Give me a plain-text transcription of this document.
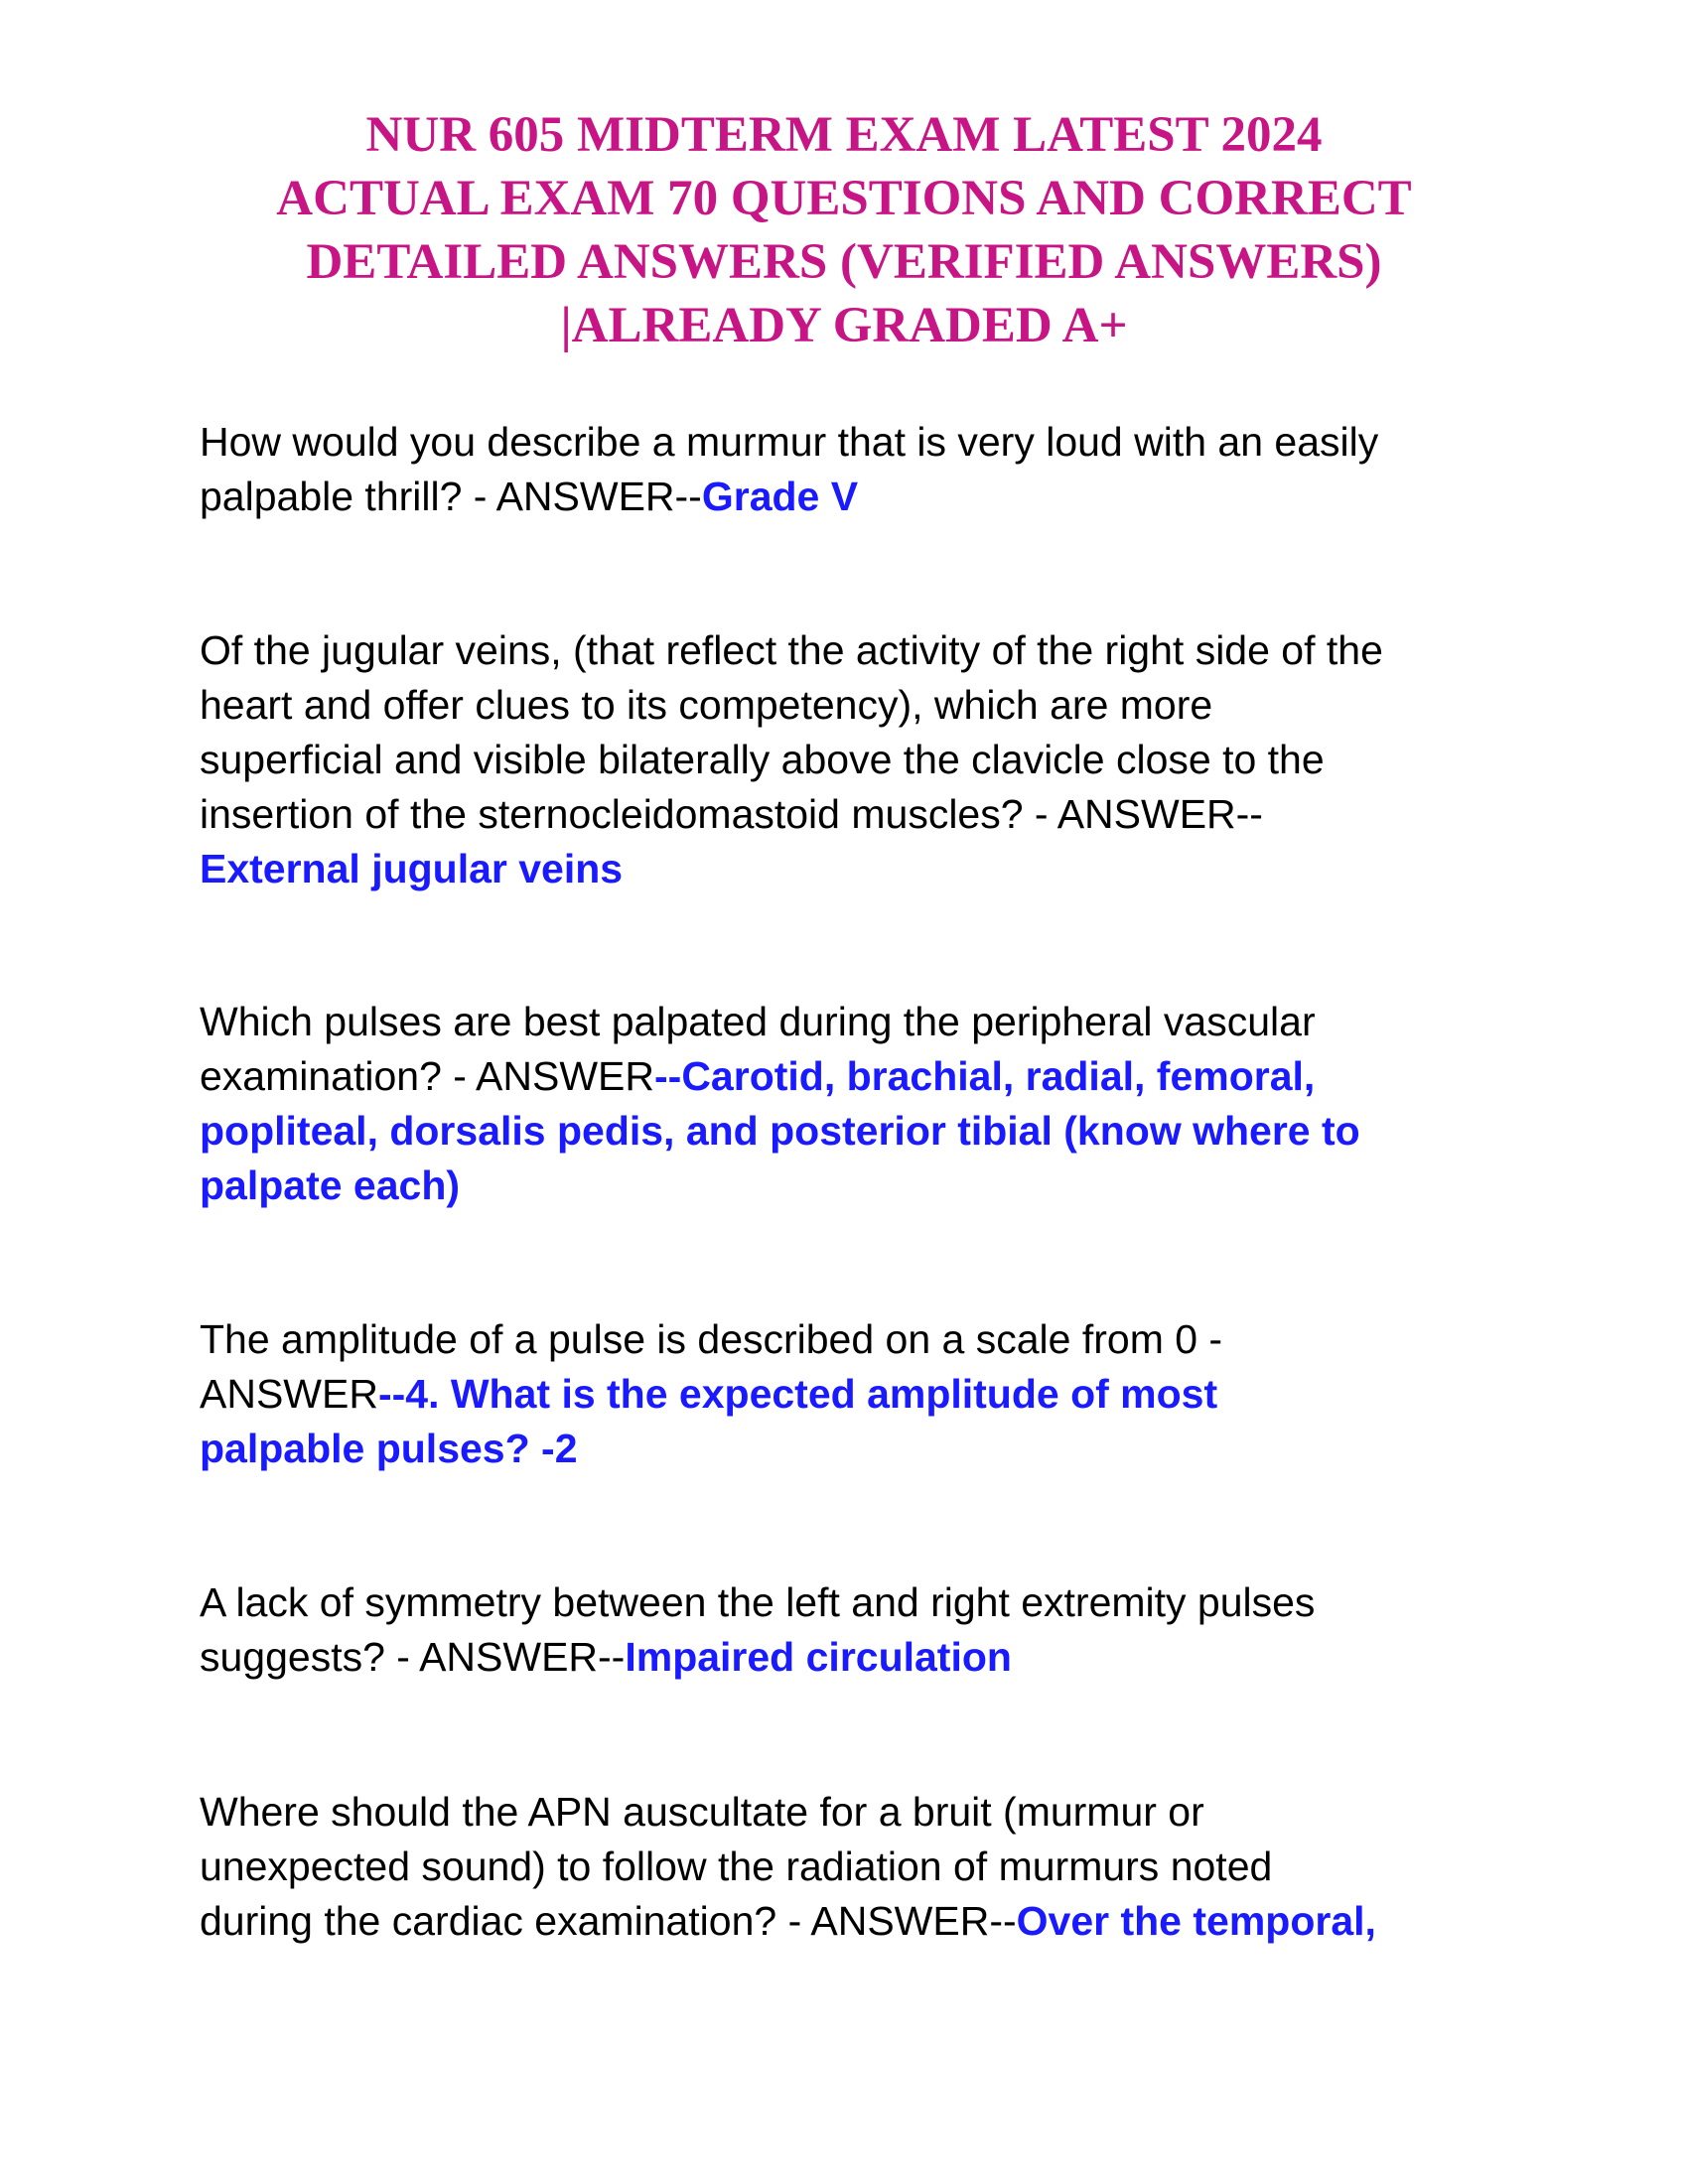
NUR 605 MIDTERM EXAM LATEST 2024
ACTUAL EXAM 70 QUESTIONS AND CORRECT
DETAILED ANSWERS (VERIFIED ANSWERS)
|ALREADY GRADED A+

How would you describe a murmur that is very loud with an easily
palpable thrill? - ANSWER--Grade V

Of the jugular veins, (that reflect the activity of the right side of the
heart and offer clues to its competency), which are more
superficial and visible bilaterally above the clavicle close to the
insertion of the sternocleidomastoid muscles? - ANSWER--
External jugular veins

Which pulses are best palpated during the peripheral vascular
examination? - ANSWER--Carotid, brachial, radial, femoral,
popliteal, dorsalis pedis, and posterior tibial (know where to
palpate each)

The amplitude of a pulse is described on a scale from 0 -
ANSWER--4. What is the expected amplitude of most
palpable pulses? -2

A lack of symmetry between the left and right extremity pulses
suggests? - ANSWER--Impaired circulation

Where should the APN auscultate for a bruit (murmur or
unexpected sound) to follow the radiation of murmurs noted
during the cardiac examination? - ANSWER--Over the temporal,
